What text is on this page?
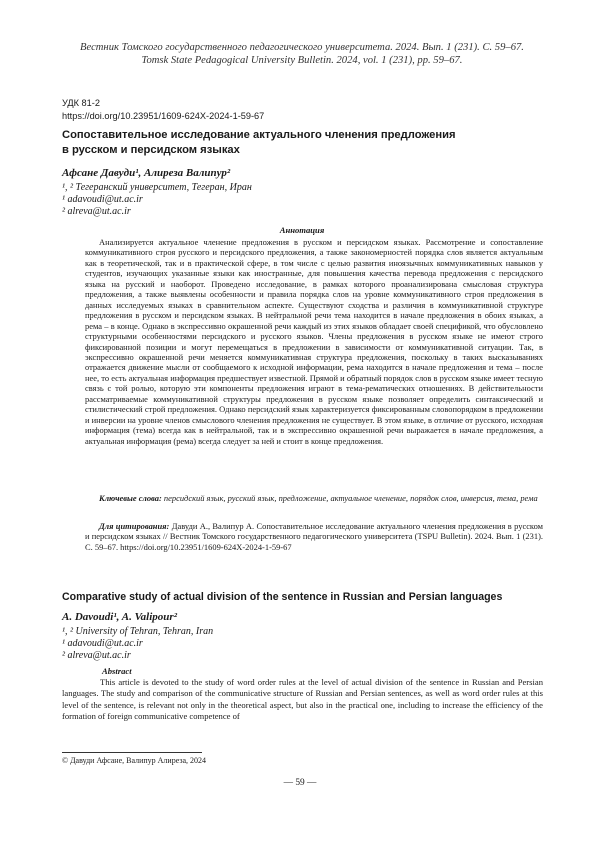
Вестник Томского государственного педагогического университета. 2024. Вып. 1 (231). С. 59–67.
Tomsk State Pedagogical University Bulletin. 2024, vol. 1 (231), pp. 59–67.
УДК 81-2
https://doi.org/10.23951/1609-624X-2024-1-59-67
Сопоставительное исследование актуального членения предложения
в русском и персидском языках
Афсане Давуди¹, Алиреза Валипур²
¹, ² Тегеранский университет, Тегеран, Иран
¹ adavoudi@ut.ac.ir
² alreva@ut.ac.ir
Аннотация
Анализируется актуальное членение предложения в русском и персидском языках. Рассмотрение и сопоставление коммуникативного строя русского и персидского предложения, а также закономерностей порядка слов является актуальным как в теоретической, так и в практической сфере, в том числе с целью развития иноязычных коммуникативных навыков у студентов, изучающих указанные языки как иностранные, для повышения качества перевода предложения с персидского языка на русский и наоборот. Проведено исследование, в рамках которого проанализирована смысловая структура предложения, а также выявлены особенности и правила порядка слов на уровне коммуникативного строя предложения в данных исследуемых языках в сравнительном аспекте. Существуют сходства и различия в коммуникативной структуре предложения в русском и персидском языках. В нейтральной речи тема находится в начале предложения в обоих языках, а рема – в конце. Однако в экспрессивно окрашенной речи каждый из этих языков обладает своей спецификой, что обусловлено структурными особенностями персидского и русского языков. Члены предложения в русском языке не имеют строго фиксированной позиции и могут перемещаться в предложении в зависимости от коммуникативной ситуации. Так, в экспрессивно окрашенной речи меняется коммуникативная структура предложения, поскольку в таких высказываниях отражается движение мысли от сообщаемого к исходной информации, рема находится в начале предложения и тема – после нее, то есть актуальная информация предшествует известной. Прямой и обратный порядок слов в русском языке имеет тесную связь с той ролью, которую эти компоненты предложения играют в тема-рематических отношениях. В действительности рассматриваемые коммуникативной структуры предложения в русском языке позволяет определить синтаксический и стилистический строй предложения. Однако персидский язык характеризуется фиксированным словопорядком в предложении и инверсии на уровне членов смыслового членения предложения не существует. В этом языке, в отличие от русского, исходная информация (тема) всегда как в нейтральной, так и в экспрессивно окрашенной речи выражается в начале предложения, а актуальная информация (рема) всегда следует за ней и стоит в конце предложения.
Ключевые слова: персидский язык, русский язык, предложение, актуальное членение, порядок слов, инверсия, тема, рема
Для цитирования: Давуди А., Валипур А. Сопоставительное исследование актуального членения предложения в русском и персидском языках // Вестник Томского государственного педагогического университета (TSPU Bulletin). 2024. Вып. 1 (231). С. 59–67. https://doi.org/10.23951/1609-624X-2024-1-59-67
Comparative study of actual division of the sentence in Russian and Persian languages
A. Davoudi¹, A. Valipour²
¹, ² University of Tehran, Tehran, Iran
¹ adavoudi@ut.ac.ir
² alreva@ut.ac.ir
Abstract
This article is devoted to the study of word order rules at the level of actual division of the sentence in Russian and Persian languages. The study and comparison of the communicative structure of Russian and Persian sentences, as well as word order rules at this level of the sentence, is relevant not only in the theoretical aspect, but also in the practical one, including to increase the efficiency of the formation of foreign communicative competence of
© Давуди Афсане, Валипур Алиреза, 2024
— 59 —
